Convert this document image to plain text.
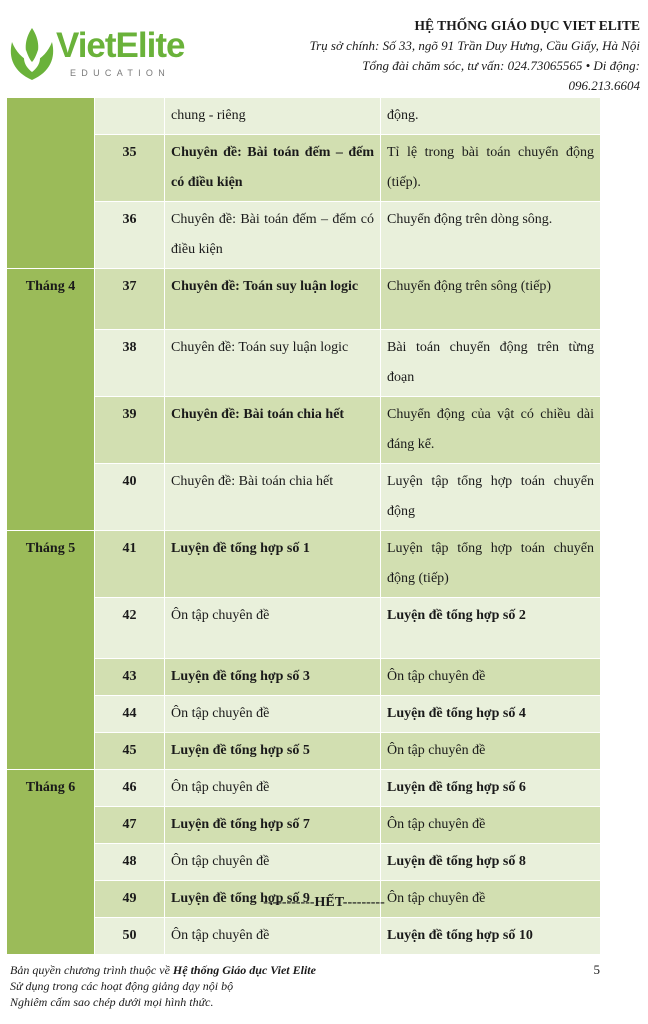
VietElite
EDUCATION
HỆ THỐNG GIÁO DỤC VIET ELITE
Trụ sở chính: Số 33, ngõ 91 Trần Duy Hưng, Cầu Giấy, Hà Nội
Tổng đài chăm sóc, tư vấn: 024.73065565 • Di động:
096.213.6604
		chung - riêng	động.
	35	Chuyên đề: Bài toán đếm – đếm có điều kiện	Tỉ lệ trong bài toán chuyển động (tiếp).
	36	Chuyên đề: Bài toán đếm – đếm có điều kiện	Chuyển động trên dòng sông.
Tháng 4	37	Chuyên đề: Toán suy luận logic	Chuyển động trên sông (tiếp)
	38	Chuyên đề: Toán suy luận logic	Bài toán chuyển động trên từng đoạn
	39	Chuyên đề: Bài toán chia hết	Chuyển động của vật có chiều dài đáng kể.
	40	Chuyên đề: Bài toán chia hết	Luyện tập tổng hợp toán chuyển động
Tháng 5	41	Luyện đề tổng hợp số 1	Luyện tập tổng hợp toán chuyển động (tiếp)
	42	Ôn tập chuyên đề	Luyện đề tổng hợp số 2
	43	Luyện đề tổng hợp số 3	Ôn tập chuyên đề
	44	Ôn tập chuyên đề	Luyện đề tổng hợp số 4
	45	Luyện đề tổng hợp số 5	Ôn tập chuyên đề
Tháng 6	46	Ôn tập chuyên đề	Luyện đề tổng hợp số 6
	47	Luyện đề tổng hợp số 7	Ôn tập chuyên đề
	48	Ôn tập chuyên đề	Luyện đề tổng hợp số 8
	49	Luyện đề tổng hợp số 9	Ôn tập chuyên đề
	50	Ôn tập chuyên đề	Luyện đề tổng hợp số 10
-----------HẾT---------
Bản quyền chương trình thuộc về Hệ thống Giáo dục Viet Elite
Sử dụng trong các hoạt động giảng dạy nội bộ
Nghiêm cấm sao chép dưới mọi hình thức.
5
